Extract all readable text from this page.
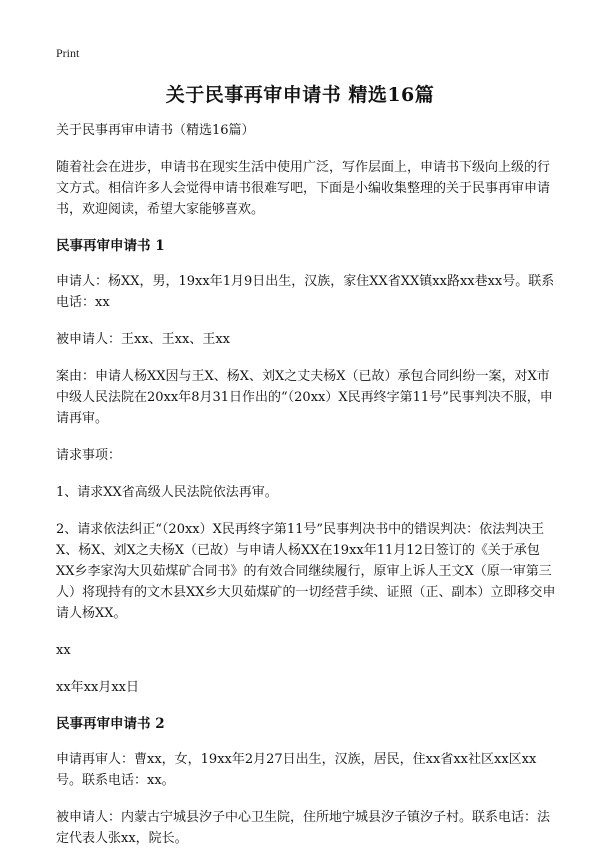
Print
关于民事再审申请书 精选16篇

关于民事再审申请书（精选16篇）

随着社会在进步，申请书在现实生活中使用广泛，写作层面上，申请书下级向上级的行文方式。相信许多人会觉得申请书很难写吧，下面是小编收集整理的关于民事再审申请书，欢迎阅读，希望大家能够喜欢。

民事再审申请书 1

申请人：杨XX，男，19xx年1月9日出生，汉族，家住XX省XX镇xx路xx巷xx号。联系电话：xx

被申请人：王xx、王xx、王xx

案由：申请人杨XX因与王X、杨X、刘X之丈夫杨X（已故）承包合同纠纷一案，对X市中级人民法院在20xx年8月31日作出的“（20xx）X民再终字第11号”民事判决不服，申请再审。

请求事项：

1、请求XX省高级人民法院依法再审。

2、请求依法纠正“（20xx）X民再终字第11号”民事判决书中的错误判决：依法判决王X、杨X、刘X之夫杨X（已故）与申请人杨XX在19xx年11月12日签订的《关于承包XX乡李家沟大贝茹煤矿合同书》的有效合同继续履行，原审上诉人王文X（原一审第三人）将现持有的文木县XX乡大贝茹煤矿的一切经营手续、证照（正、副本）立即移交申请人杨XX。

xx

xx年xx月xx日

民事再审申请书 2

申请再审人：曹xx，女，19xx年2月27日出生，汉族，居民，住xx省xx社区xx区xx号。联系电话：xx。

被申请人：内蒙古宁城县汐子中心卫生院，住所地宁城县汐子镇汐子村。联系电话：法定代表人张xx，院长。
